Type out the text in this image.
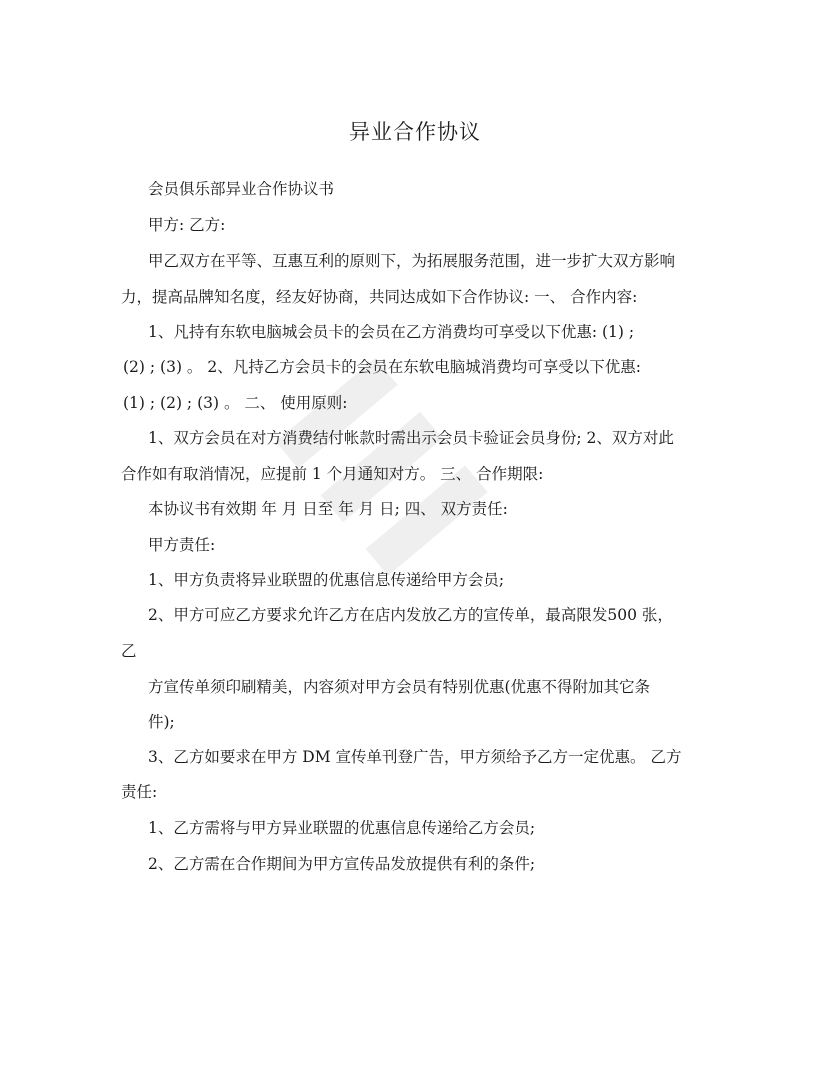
异业合作协议

会员俱乐部异业合作协议书

甲方: 乙方:

甲乙双方在平等、互惠互利的原则下，为拓展服务范围，进一步扩大双方影响

力，提高品牌知名度，经友好协商，共同达成如下合作协议: 一、 合作内容:

1、凡持有东软电脑城会员卡的会员在乙方消费均可享受以下优惠: (1) ;

(2) ; (3) 。 2、凡持乙方会员卡的会员在东软电脑城消费均可享受以下优惠:

(1) ; (2) ; (3) 。 二、 使用原则:

1、双方会员在对方消费结付帐款时需出示会员卡验证会员身份; 2、双方对此

合作如有取消情况，应提前 1 个月通知对方。 三、 合作期限:

本协议书有效期 年 月 日至 年 月 日; 四、 双方责任:

甲方责任:

1、甲方负责将异业联盟的优惠信息传递给甲方会员;

2、甲方可应乙方要求允许乙方在店内发放乙方的宣传单，最高限发500 张，

乙

方宣传单须印刷精美，内容须对甲方会员有特别优惠(优惠不得附加其它条

件);

3、乙方如要求在甲方 DM 宣传单刊登广告，甲方须给予乙方一定优惠。 乙方

责任:

1、乙方需将与甲方异业联盟的优惠信息传递给乙方会员;

2、乙方需在合作期间为甲方宣传品发放提供有利的条件;
